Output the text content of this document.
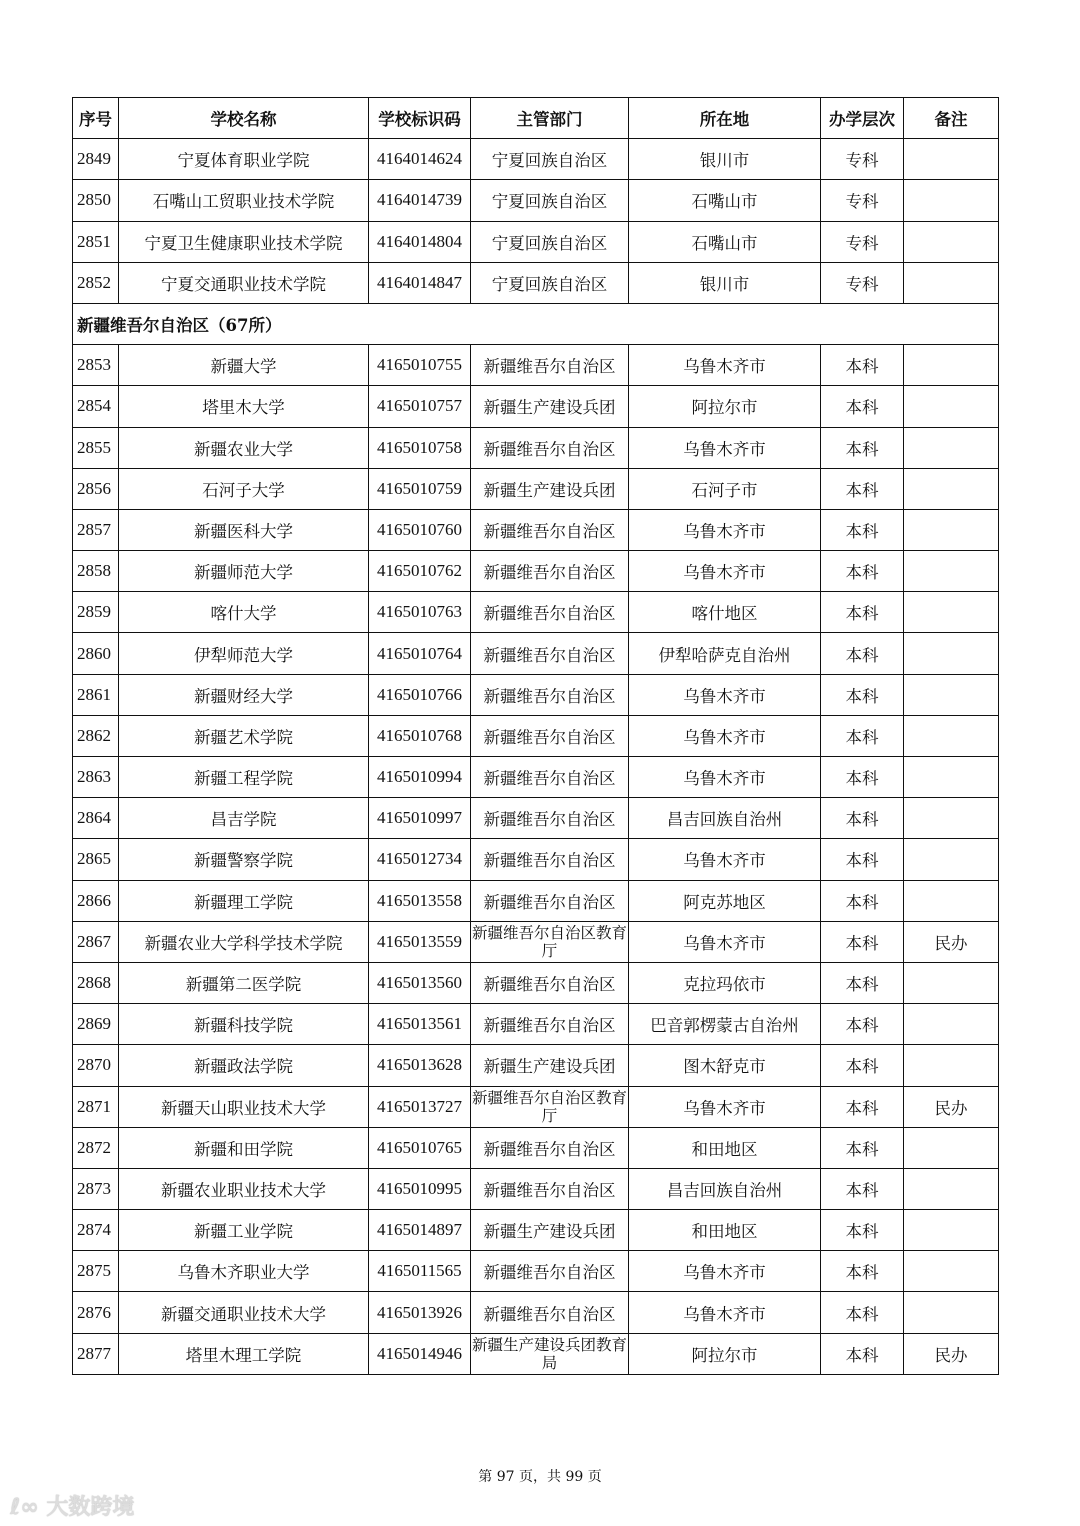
序号	学校名称	学校标识码	主管部门	所在地	办学层次	备注
2849	宁夏体育职业学院	4164014624	宁夏回族自治区	银川市	专科	
2850	石嘴山工贸职业技术学院	4164014739	宁夏回族自治区	石嘴山市	专科	
2851	宁夏卫生健康职业技术学院	4164014804	宁夏回族自治区	石嘴山市	专科	
2852	宁夏交通职业技术学院	4164014847	宁夏回族自治区	银川市	专科	
新疆维吾尔自治区（67所）						
2853	新疆大学	4165010755	新疆维吾尔自治区	乌鲁木齐市	本科	
2854	塔里木大学	4165010757	新疆生产建设兵团	阿拉尔市	本科	
2855	新疆农业大学	4165010758	新疆维吾尔自治区	乌鲁木齐市	本科	
2856	石河子大学	4165010759	新疆生产建设兵团	石河子市	本科	
2857	新疆医科大学	4165010760	新疆维吾尔自治区	乌鲁木齐市	本科	
2858	新疆师范大学	4165010762	新疆维吾尔自治区	乌鲁木齐市	本科	
2859	喀什大学	4165010763	新疆维吾尔自治区	喀什地区	本科	
2860	伊犁师范大学	4165010764	新疆维吾尔自治区	伊犁哈萨克自治州	本科	
2861	新疆财经大学	4165010766	新疆维吾尔自治区	乌鲁木齐市	本科	
2862	新疆艺术学院	4165010768	新疆维吾尔自治区	乌鲁木齐市	本科	
2863	新疆工程学院	4165010994	新疆维吾尔自治区	乌鲁木齐市	本科	
2864	昌吉学院	4165010997	新疆维吾尔自治区	昌吉回族自治州	本科	
2865	新疆警察学院	4165012734	新疆维吾尔自治区	乌鲁木齐市	本科	
2866	新疆理工学院	4165013558	新疆维吾尔自治区	阿克苏地区	本科	
2867	新疆农业大学科学技术学院	4165013559	新疆维吾尔自治区教育厅	乌鲁木齐市	本科	民办
2868	新疆第二医学院	4165013560	新疆维吾尔自治区	克拉玛依市	本科	
2869	新疆科技学院	4165013561	新疆维吾尔自治区	巴音郭楞蒙古自治州	本科	
2870	新疆政法学院	4165013628	新疆生产建设兵团	图木舒克市	本科	
2871	新疆天山职业技术大学	4165013727	新疆维吾尔自治区教育厅	乌鲁木齐市	本科	民办
2872	新疆和田学院	4165010765	新疆维吾尔自治区	和田地区	本科	
2873	新疆农业职业技术大学	4165010995	新疆维吾尔自治区	昌吉回族自治州	本科	
2874	新疆工业学院	4165014897	新疆生产建设兵团	和田地区	本科	
2875	乌鲁木齐职业大学	4165011565	新疆维吾尔自治区	乌鲁木齐市	本科	
2876	新疆交通职业技术大学	4165013926	新疆维吾尔自治区	乌鲁木齐市	本科	
2877	塔里木理工学院	4165014946	新疆生产建设兵团教育局	阿拉尔市	本科	民办
第 97 页，共 99 页
ℓ∞ 大数跨境
